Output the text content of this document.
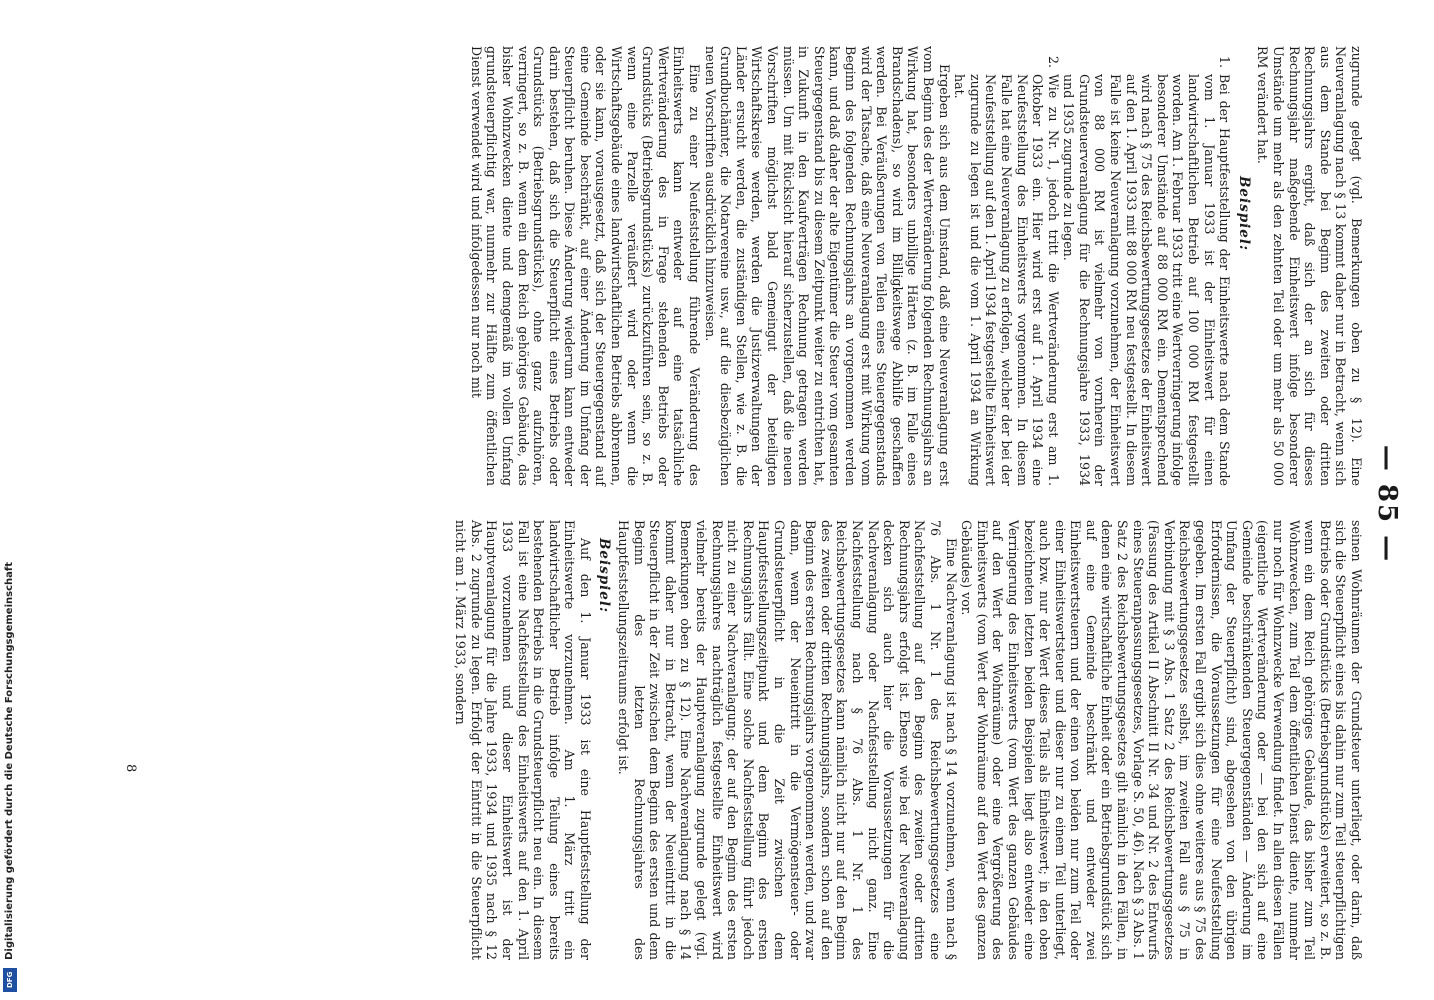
— 85 —

zugrunde gelegt (vgl. Bemerkungen oben zu § 12). Eine Neuveranlagung nach § 13 kommt daher nur in Betracht, wenn sich aus dem Stande bei Beginn des zweiten oder dritten Rechnungsjahrs ergibt, daß sich der an sich für dieses Rechnungsjahr maßgebende Einheitswert infolge besonderer Umstände um mehr als den zehnten Teil oder um mehr als 50 000 RM verändert hat.

Beispiel:
1. Bei der Hauptfeststellung der Einheitswerte nach dem Stande vom 1. Januar 1933 ist der Einheitswert für einen landwirtschaftlichen Betrieb auf 100 000 RM festgestellt worden. Am 1. Februar 1933 tritt eine Wertverringerung infolge besonderer Umstände auf 88 000 RM ein. Dementsprechend wird nach § 75 des Reichsbewertungsgesetzes der Einheitswert auf den 1. April 1933 mit 88 000 RM neu festgestellt. In diesem Falle ist keine Neuveranlagung vorzunehmen, der Einheitswert von 88 000 RM ist vielmehr von vornherein der Grundsteuerveranlagung für die Rechnungsjahre 1933, 1934 und 1935 zugrunde zu legen.
2. Wie zu Nr. 1, jedoch tritt die Wertveränderung erst am 1. Oktober 1933 ein. Hier wird erst auf 1. April 1934 eine Neufeststellung des Einheitswerts vorgenommen. In diesem Falle hat eine Neuveranlagung zu erfolgen, welcher der bei der Neufeststellung auf den 1. April 1934 festgestellte Einheitswert zugrunde zu legen ist und die vom 1. April 1934 an Wirkung hat.

Ergeben sich aus dem Umstand, daß eine Neuveranlagung erst vom Beginn des der Wertveränderung folgenden Rechnungsjahrs an Wirkung hat, besonders unbillige Härten (z. B. im Falle eines Brandschadens), so wird im Billigkeitswege Abhilfe geschaffen werden. Bei Veräußerungen von Teilen eines Steuergegenstands wird der Tatsache, daß eine Neuveranlagung erst mit Wirkung vom Beginn des folgenden Rechnungsjahrs an vorgenommen werden kann, und daß daher der alte Eigentümer die Steuer vom gesamten Steuergegenstand bis zu diesem Zeitpunkt weiter zu entrichten hat, in Zukunft in den Kaufverträgen Rechnung getragen werden müssen. Um mit Rücksicht hierauf sicherzustellen, daß die neuen Vorschriften möglichst bald Gemeingut der beteiligten Wirtschaftskreise werden, werden die Justizverwaltungen der Länder ersucht werden, die zuständigen Stellen, wie z. B. die Grundbuchämter, die Notarvereine usw., auf die diesbezüglichen neuen Vorschriften ausdrücklich hinzuweisen.

Eine zu einer Neufeststellung führende Veränderung des Einheitswerts kann entweder auf eine tatsächliche Wertveränderung des in Frage stehenden Betriebs oder Grundstücks (Betriebsgrundstücks) zurückzuführen sein, so z. B. wenn eine Parzelle veräußert wird oder wenn die Wirtschaftsgebäude eines landwirtschaftlichen Betriebs abbrennen, oder sie kann, vorausgesetzt, daß sich der Steuergegenstand auf eine Gemeinde beschränkt, auf einer Änderung im Umfang der Steuerpflicht beruhen. Diese Änderung wiederum kann entweder darin bestehen, daß sich die Steuerpflicht eines Betriebs oder Grundstücks (Betriebsgrundstücks), ohne ganz aufzuhören, verringert, so z. B. wenn ein dem Reich gehöriges Gebäude, das bisher Wohnzwecken diente und demgemäß im vollen Umfang grundsteuerpflichtig war, nunmehr zur Hälfte zum öffentlichen Dienst verwendet wird und infolgedessen nur noch mit

seinen Wohnräumen der Grundsteuer unterliegt, oder darin, daß sich die Steuerpflicht eines bis dahin nur zum Teil steuerpflichtigen Betriebs oder Grundstücks (Betriebsgrundstücks) erweitert, so z. B. wenn ein dem Reich gehöriges Gebäude, das bisher zum Teil Wohnzwecken, zum Teil dem öffentlichen Dienst diente, nunmehr nur noch für Wohnzwecke Verwendung findet. In allen diesen Fällen (eigentliche Wertveränderung oder — bei den sich auf eine Gemeinde beschränkenden Steuergegenständen — Änderung im Umfang der Steuerpflicht) sind, abgesehen von den übrigen Erfordernissen, die Voraussetzungen für eine Neufeststellung gegeben. Im ersten Fall ergibt sich dies ohne weiteres aus § 75 des Reichsbewertungsgesetzes selbst, im zweiten Fall aus § 75 in Verbindung mit § 3 Abs. 1 Satz 2 des Reichsbewertungsgesetzes (Fassung des Artikel II Abschnitt II Nr. 34 und Nr. 2 des Entwurfs eines Steueranpassungsgesetzes, Vorlage S. 50, 46). Nach § 3 Abs. 1 Satz 2 des Reichsbewertungsgesetzes gilt nämlich in den Fällen, in denen eine wirtschaftliche Einheit oder ein Betriebsgrundstück sich auf eine Gemeinde beschränkt und entweder zwei Einheitswertsteuern und der einen von beiden nur zum Teil oder einer Einheitswertsteuer und dieser nur zu einem Teil unterliegt, auch bzw. nur der Wert dieses Teils als Einheitswert; in den oben bezeichneten letzten beiden Beispielen liegt also entweder eine Verringerung des Einheitswerts (vom Wert des ganzen Gebäudes auf den Wert der Wohnräume) oder eine Vergrößerung des Einheitswerts (vom Wert der Wohnräume auf den Wert des ganzen Gebäudes) vor.

Eine Nachveranlagung ist nach § 14 vorzunehmen, wenn nach § 76 Abs. 1 Nr. 1 des Reichsbewertungsgesetzes eine Nachfeststellung auf den Beginn des zweiten oder dritten Rechnungsjahrs erfolgt ist. Ebenso wie bei der Neuveranlagung decken sich auch hier die Voraussetzungen für die Nachveranlagung oder Nachfeststellung nicht ganz. Eine Nachfeststellung nach § 76 Abs. 1 Nr. 1 des Reichsbewertungsgesetzes kann nämlich nicht nur auf den Beginn des zweiten oder dritten Rechnungsjahrs, sondern schon auf den Beginn des ersten Rechnungsjahrs vorgenommen werden, und zwar dann, wenn der Neueintritt in die Vermögensteuer- oder Grundsteuerpflicht in die Zeit zwischen dem Hauptfeststellungszeitpunkt und dem Beginn des ersten Rechnungsjahrs fällt. Eine solche Nachfeststellung führt jedoch nicht zu einer Nachveranlagung; der auf den Beginn des ersten Rechnungsjahres nachträglich festgestellte Einheitswert wird vielmehr bereits der Hauptveranlagung zugrunde gelegt (vgl. Bemerkungen oben zu § 12). Eine Nachveranlagung nach § 14 kommt daher nur in Betracht, wenn der Neueintritt in die Steuerpflicht in der Zeit zwischen dem Beginn des ersten und dem Beginn des letzten Rechnungsjahres des Hauptfeststellungszeitraums erfolgt ist.

Beispiel:

Auf den 1. Januar 1933 ist eine Hauptfeststellung der Einheitswerte vorzunehmen. Am 1. März tritt ein landwirtschaftlicher Betrieb infolge Teilung eines bereits bestehenden Betriebs in die Grundsteuerpflicht neu ein. In diesem Fall ist eine Nachfeststellung des Einheitswerts auf den 1. April 1933 vorzunehmen und dieser Einheitswert ist der Hauptveranlagung für die Jahre 1933, 1934 und 1935 nach § 12 Abs. 2 zugrunde zu legen. Erfolgt der Eintritt in die Steuerpflicht nicht am 1. März 1933, sondern

8
Digitalisierung gefördert durch die Deutsche Forschungsgemeinschaft
DFG
